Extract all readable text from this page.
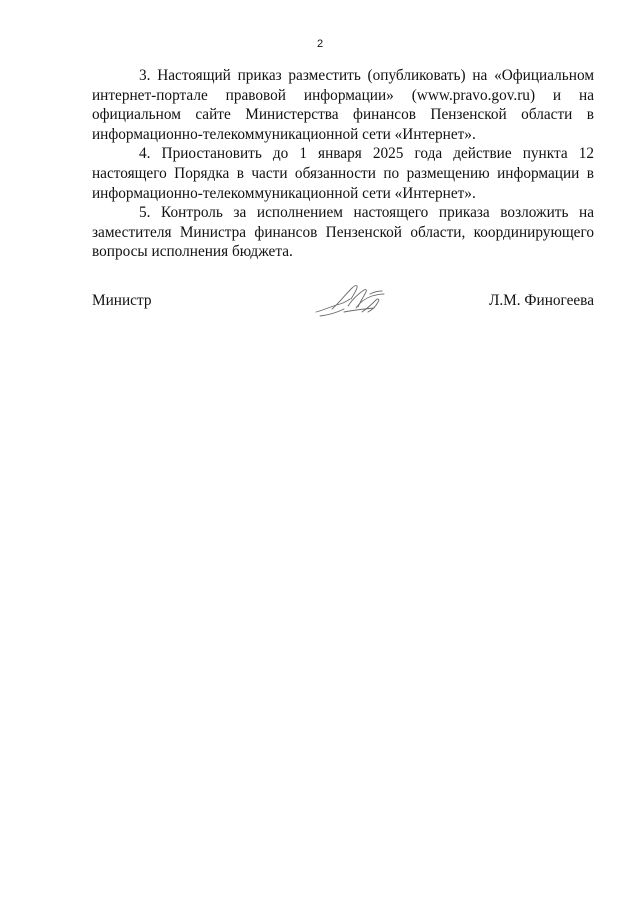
2

3. Настоящий приказ разместить (опубликовать) на «Официальном интернет-портале правовой информации» (www.pravo.gov.ru) и на официальном сайте Министерства финансов Пензенской области в информационно-телекоммуникационной сети «Интернет».

4. Приостановить до 1 января 2025 года действие пункта 12 настоящего Порядка в части обязанности по размещению информации в информационно-телекоммуникационной сети «Интернет».

5. Контроль за исполнением настоящего приказа возложить на заместителя Министра финансов Пензенской области, координирующего вопросы исполнения бюджета.

Министр	Л.М. Финогеева
